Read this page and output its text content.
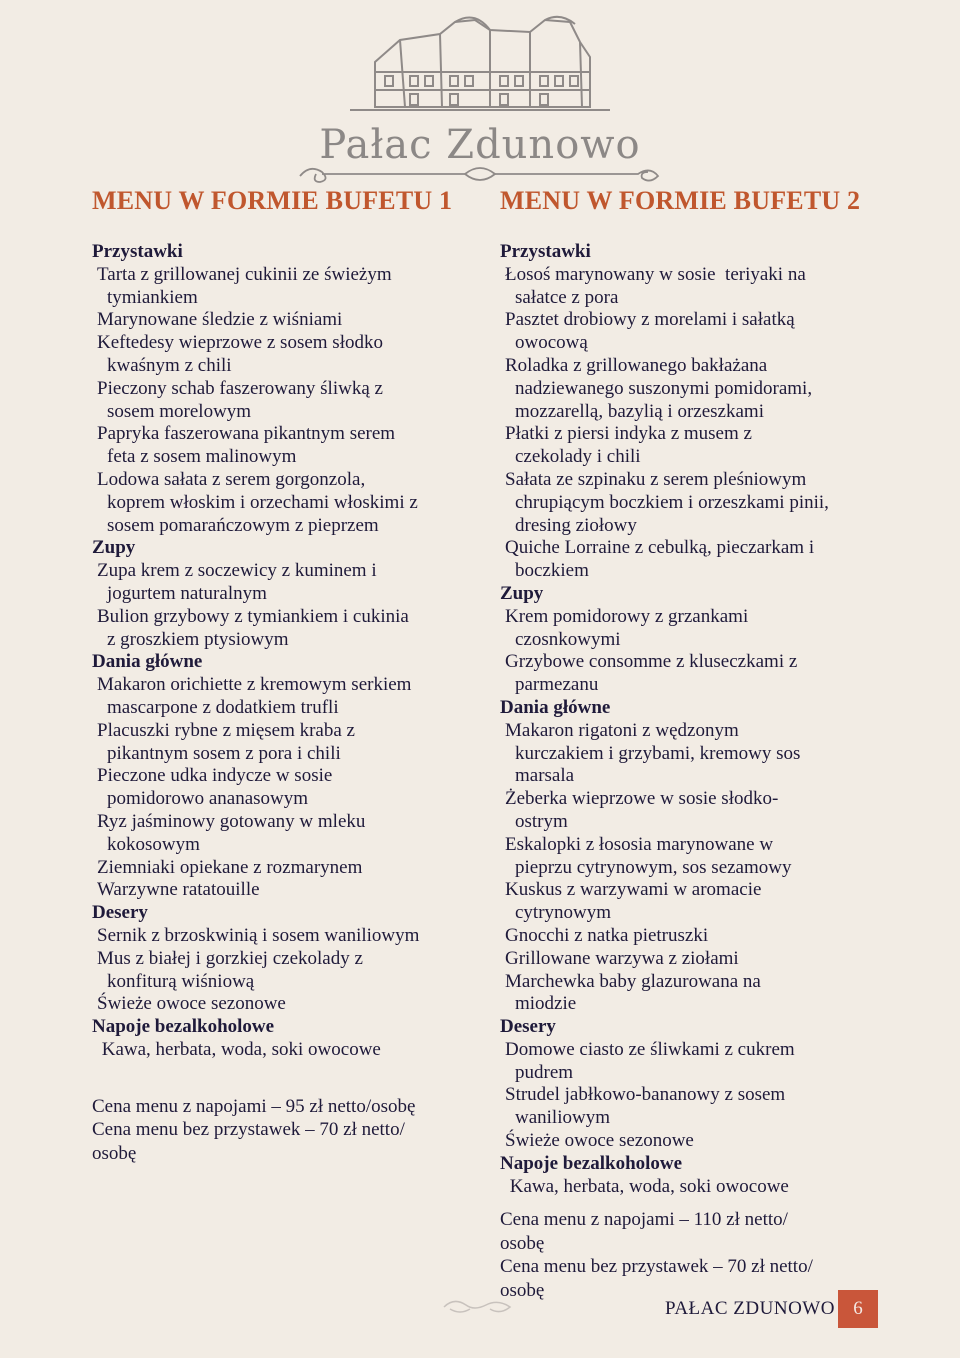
Pałac Zdunowo
MENU W FORMIE BUFETU 1
Przystawki
Tarta z grillowanej cukinii ze świeżym
tymiankiem
Marynowane śledzie z wiśniami
Keftedesy wieprzowe z sosem słodko
kwaśnym z chili
Pieczony schab faszerowany śliwką z
sosem morelowym
Papryka faszerowana pikantnym serem
feta z sosem malinowym
Lodowa sałata z serem gorgonzola,
koprem włoskim i orzechami włoskimi z
sosem pomarańczowym z pieprzem
Zupy
Zupa krem z soczewicy z kuminem i
jogurtem naturalnym
Bulion grzybowy z tymiankiem i cukinia
z groszkiem ptysiowym
Dania główne
Makaron orichiette z kremowym serkiem
mascarpone z dodatkiem trufli
Placuszki rybne z mięsem kraba z
pikantnym sosem z pora i chili
Pieczone udka indycze w sosie
pomidorowo ananasowym
Ryz jaśminowy gotowany w mleku
kokosowym
Ziemniaki opiekane z rozmarynem
Warzywne ratatouille
Desery
Sernik z brzoskwinią i sosem waniliowym
Mus z białej i gorzkiej czekolady z
konfiturą wiśniową
Świeże owoce sezonowe
Napoje bezalkoholowe
Kawa, herbata, woda, soki owocowe
Cena menu z napojami – 95 zł netto/osobę
Cena menu bez przystawek – 70 zł netto/
osobę
MENU W FORMIE BUFETU 2
Przystawki
Łosoś marynowany w sosie  teriyaki na
sałatce z pora
Pasztet drobiowy z morelami i sałatką
owocową
Roladka z grillowanego bakłażana
nadziewanego suszonymi pomidorami,
mozzarellą, bazylią i orzeszkami
Płatki z piersi indyka z musem z
czekolady i chili
Sałata ze szpinaku z serem pleśniowym
chrupiącym boczkiem i orzeszkami pinii,
dresing ziołowy
Quiche Lorraine z cebulką, pieczarkam i
boczkiem
Zupy
Krem pomidorowy z grzankami
czosnkowymi
Grzybowe consomme z kluseczkami z
parmezanu
Dania główne
Makaron rigatoni z wędzonym
kurczakiem i grzybami, kremowy sos
marsala
Żeberka wieprzowe w sosie słodko-
ostrym
Eskalopki z łososia marynowane w
pieprzu cytrynowym, sos sezamowy
Kuskus z warzywami w aromacie
cytrynowym
Gnocchi z natka pietruszki
Grillowane warzywa z ziołami
Marchewka baby glazurowana na
miodzie
Desery
Domowe ciasto ze śliwkami z cukrem
pudrem
Strudel jabłkowo-bananowy z sosem
waniliowym
Świeże owoce sezonowe
Napoje bezalkoholowe
Kawa, herbata, woda, soki owocowe
Cena menu z napojami – 110 zł netto/
osobę
Cena menu bez przystawek – 70 zł netto/
osobę
PAŁAC ZDUNOWO 6
